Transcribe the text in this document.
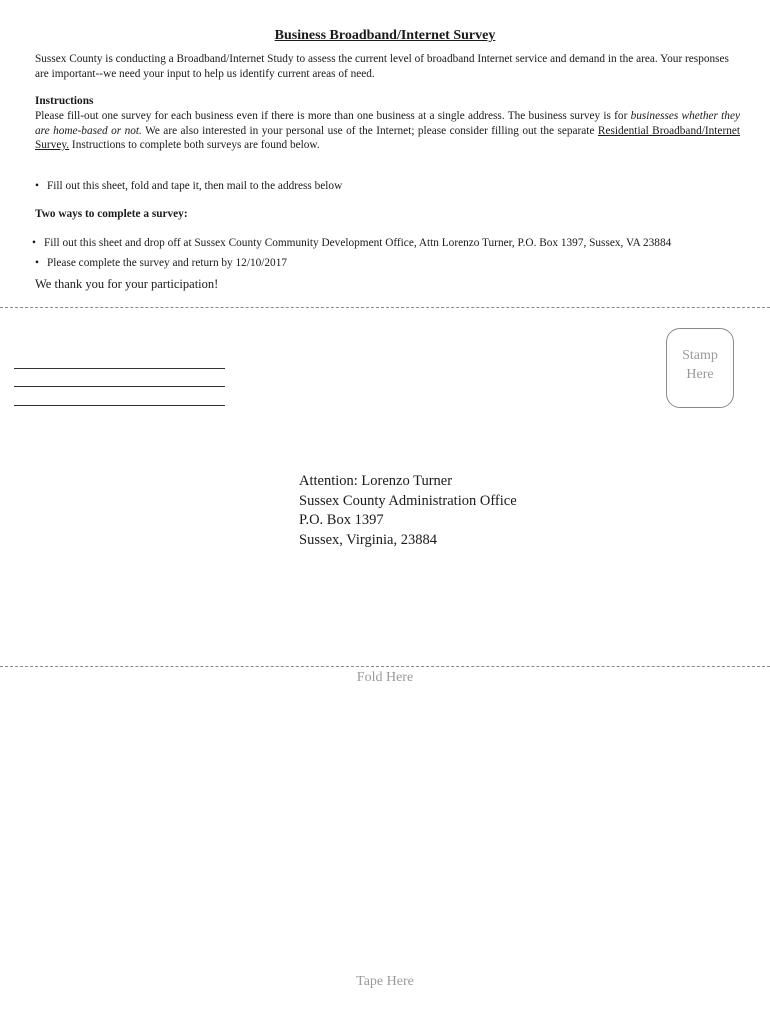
Business Broadband/Internet Survey
Sussex County is conducting a Broadband/Internet Study to assess the current level of broadband Internet service and demand in the area. Your responses are important--we need your input to help us identify current areas of need.
Instructions
Please fill-out one survey for each business even if there is more than one business at a single address. The business survey is for businesses whether they are home-based or not. We are also interested in your personal use of the Internet; please consider filling out the separate Residential Broadband/Internet Survey. Instructions to complete both surveys are found below.
• Fill out this sheet, fold and tape it, then mail to the address below
Two ways to complete a survey:
• Fill out this sheet and drop off at Sussex County Community Development Office, Attn Lorenzo Turner, P.O. Box 1397, Sussex, VA 23884
• Please complete the survey and return by 12/10/2017
We thank you for your participation!
Stamp
Here
Attention: Lorenzo Turner
Sussex County Administration Office
P.O. Box 1397
Sussex, Virginia, 23884
Fold Here
Tape Here
